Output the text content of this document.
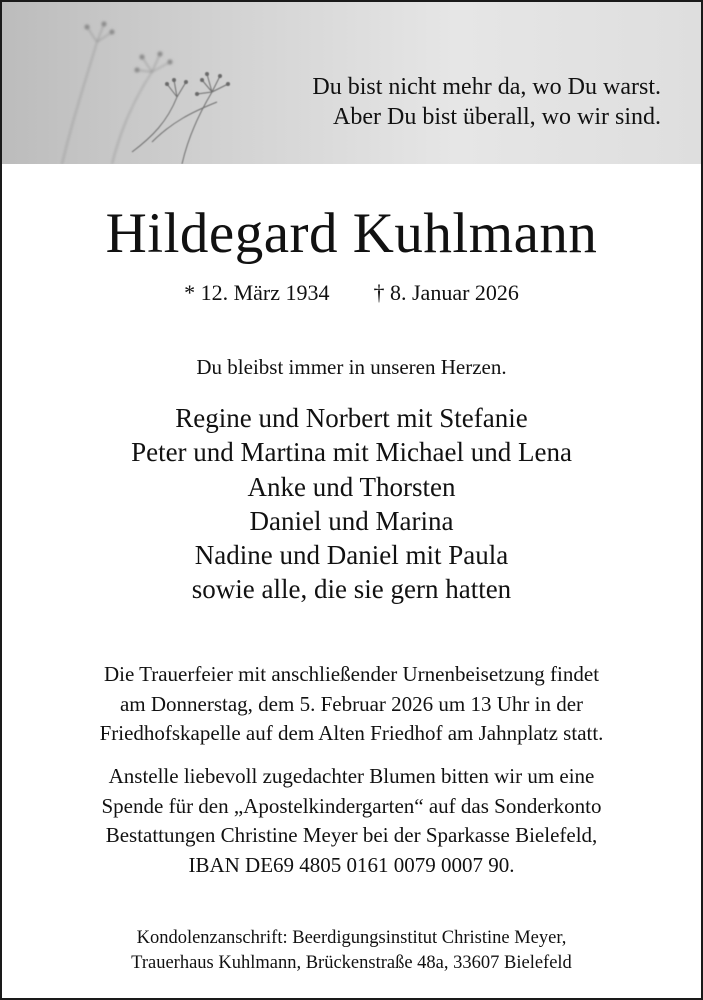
Du bist nicht mehr da, wo Du warst.
Aber Du bist überall, wo wir sind.
Hildegard Kuhlmann
* 12. März 1934 † 8. Januar 2026
Du bleibst immer in unseren Herzen.
Regine und Norbert mit Stefanie
Peter und Martina mit Michael und Lena
Anke und Thorsten
Daniel und Marina
Nadine und Daniel mit Paula
sowie alle, die sie gern hatten
Die Trauerfeier mit anschließender Urnenbeisetzung findet
am Donnerstag, dem 5. Februar 2026 um 13 Uhr in der
Friedhofskapelle auf dem Alten Friedhof am Jahnplatz statt.
Anstelle liebevoll zugedachter Blumen bitten wir um eine
Spende für den „Apostelkindergarten“ auf das Sonderkonto
Bestattungen Christine Meyer bei der Sparkasse Bielefeld,
IBAN DE69 4805 0161 0079 0007 90.
Kondolenzanschrift: Beerdigungsinstitut Christine Meyer,
Trauerhaus Kuhlmann, Brückenstraße 48a, 33607 Bielefeld
